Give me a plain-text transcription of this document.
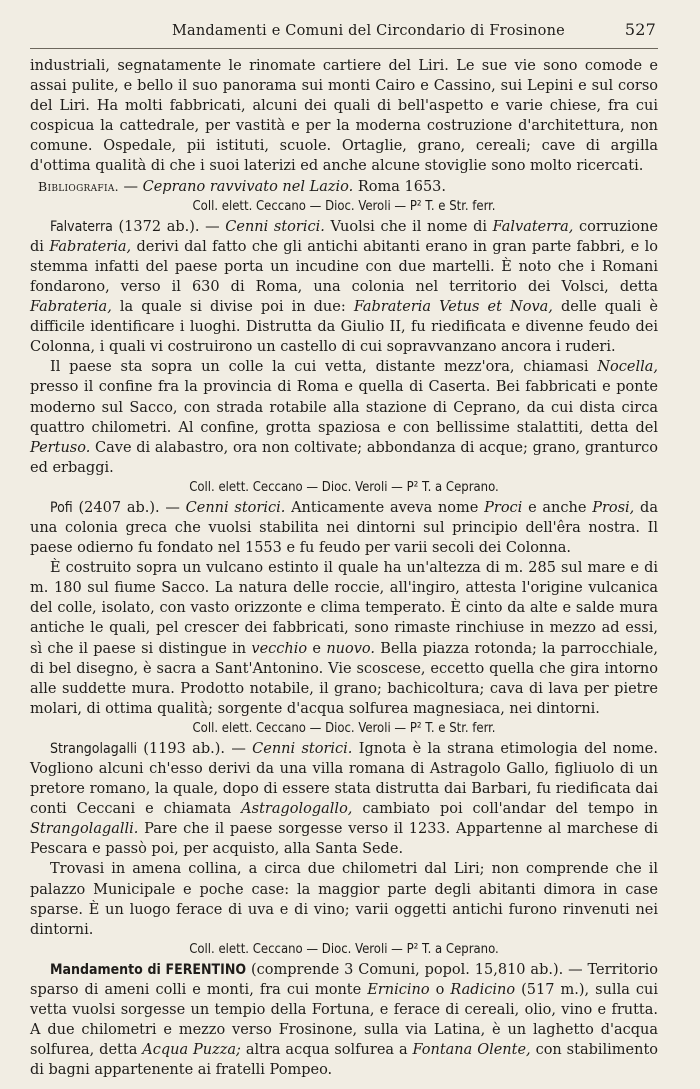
Mandamenti e Comuni del Circondario di Frosinone	527

industriali, segnatamente le rinomate cartiere del Liri. Le sue vie sono comode e assai pulite, e bello il suo panorama sui monti Cairo e Cassino, sui Lepini e sul corso del Liri. Ha molti fabbricati, alcuni dei quali di bell'aspetto e varie chiese, fra cui cospicua la cattedrale, per vastità e per la moderna costruzione d'architettura, non comune. Ospedale, pii istituti, scuole. Ortaglie, grano, cereali; cave di argilla d'ottima qualità di che i suoi laterizi ed anche alcune stoviglie sono molto ricercati.

Bibliografia. — Ceprano ravvivato nel Lazio. Roma 1653.

Coll. elett. Ceccano — Dioc. Veroli — P² T. e Str. ferr.

Falvaterra (1372 ab.). — Cenni storici. Vuolsi che il nome di Falvaterra, corruzione di Fabrateria, derivi dal fatto che gli antichi abitanti erano in gran parte fabbri, e lo stemma infatti del paese porta un incudine con due martelli. È noto che i Romani fondarono, verso il 630 di Roma, una colonia nel territorio dei Volsci, detta Fabrateria, la quale si divise poi in due: Fabrateria Vetus et Nova, delle quali è difficile identificare i luoghi. Distrutta da Giulio II, fu riedificata e divenne feudo dei Colonna, i quali vi costruirono un castello di cui sopravvanzano ancora i ruderi.

Il paese sta sopra un colle la cui vetta, distante mezz'ora, chiamasi Nocella, presso il confine fra la provincia di Roma e quella di Caserta. Bei fabbricati e ponte moderno sul Sacco, con strada rotabile alla stazione di Ceprano, da cui dista circa quattro chilometri. Al confine, grotta spaziosa e con bellissime stalattiti, detta del Pertuso. Cave di alabastro, ora non coltivate; abbondanza di acque; grano, granturco ed erbaggi.

Coll. elett. Ceccano — Dioc. Veroli — P² T. a Ceprano.

Pofi (2407 ab.). — Cenni storici. Anticamente aveva nome Proci e anche Prosi, da una colonia greca che vuolsi stabilita nei dintorni sul principio dell'êra nostra. Il paese odierno fu fondato nel 1553 e fu feudo per varii secoli dei Colonna.

È costruito sopra un vulcano estinto il quale ha un'altezza di m. 285 sul mare e di m. 180 sul fiume Sacco. La natura delle roccie, all'ingiro, attesta l'origine vulcanica del colle, isolato, con vasto orizzonte e clima temperato. È cinto da alte e salde mura antiche le quali, pel crescer dei fabbricati, sono rimaste rinchiuse in mezzo ad essi, sì che il paese si distingue in vecchio e nuovo. Bella piazza rotonda; la parrocchiale, di bel disegno, è sacra a Sant'Antonino. Vie scoscese, eccetto quella che gira intorno alle suddette mura. Prodotto notabile, il grano; bachicoltura; cava di lava per pietre molari, di ottima qualità; sorgente d'acqua solfurea magnesiaca, nei dintorni.

Coll. elett. Ceccano — Dioc. Veroli — P² T. e Str. ferr.

Strangolagalli (1193 ab.). — Cenni storici. Ignota è la strana etimologia del nome. Vogliono alcuni ch'esso derivi da una villa romana di Astragolo Gallo, figliuolo di un pretore romano, la quale, dopo di essere stata distrutta dai Barbari, fu riedificata dai conti Ceccani e chiamata Astragologallo, cambiato poi coll'andar del tempo in Strangolagalli. Pare che il paese sorgesse verso il 1233. Appartenne al marchese di Pescara e passò poi, per acquisto, alla Santa Sede.

Trovasi in amena collina, a circa due chilometri dal Liri; non comprende che il palazzo Municipale e poche case: la maggior parte degli abitanti dimora in case sparse. È un luogo ferace di uva e di vino; varii oggetti antichi furono rinvenuti nei dintorni.

Coll. elett. Ceccano — Dioc. Veroli — P² T. a Ceprano.

Mandamento di FERENTINO (comprende 3 Comuni, popol. 15,810 ab.). — Territorio sparso di ameni colli e monti, fra cui monte Ernicino o Radicino (517 m.), sulla cui vetta vuolsi sorgesse un tempio della Fortuna, e ferace di cereali, olio, vino e frutta. A due chilometri e mezzo verso Frosinone, sulla via Latina, è un laghetto d'acqua solfurea, detta Acqua Puzza; altra acqua solfurea a Fontana Olente, con stabilimento di bagni appartenente ai fratelli Pompeo.
